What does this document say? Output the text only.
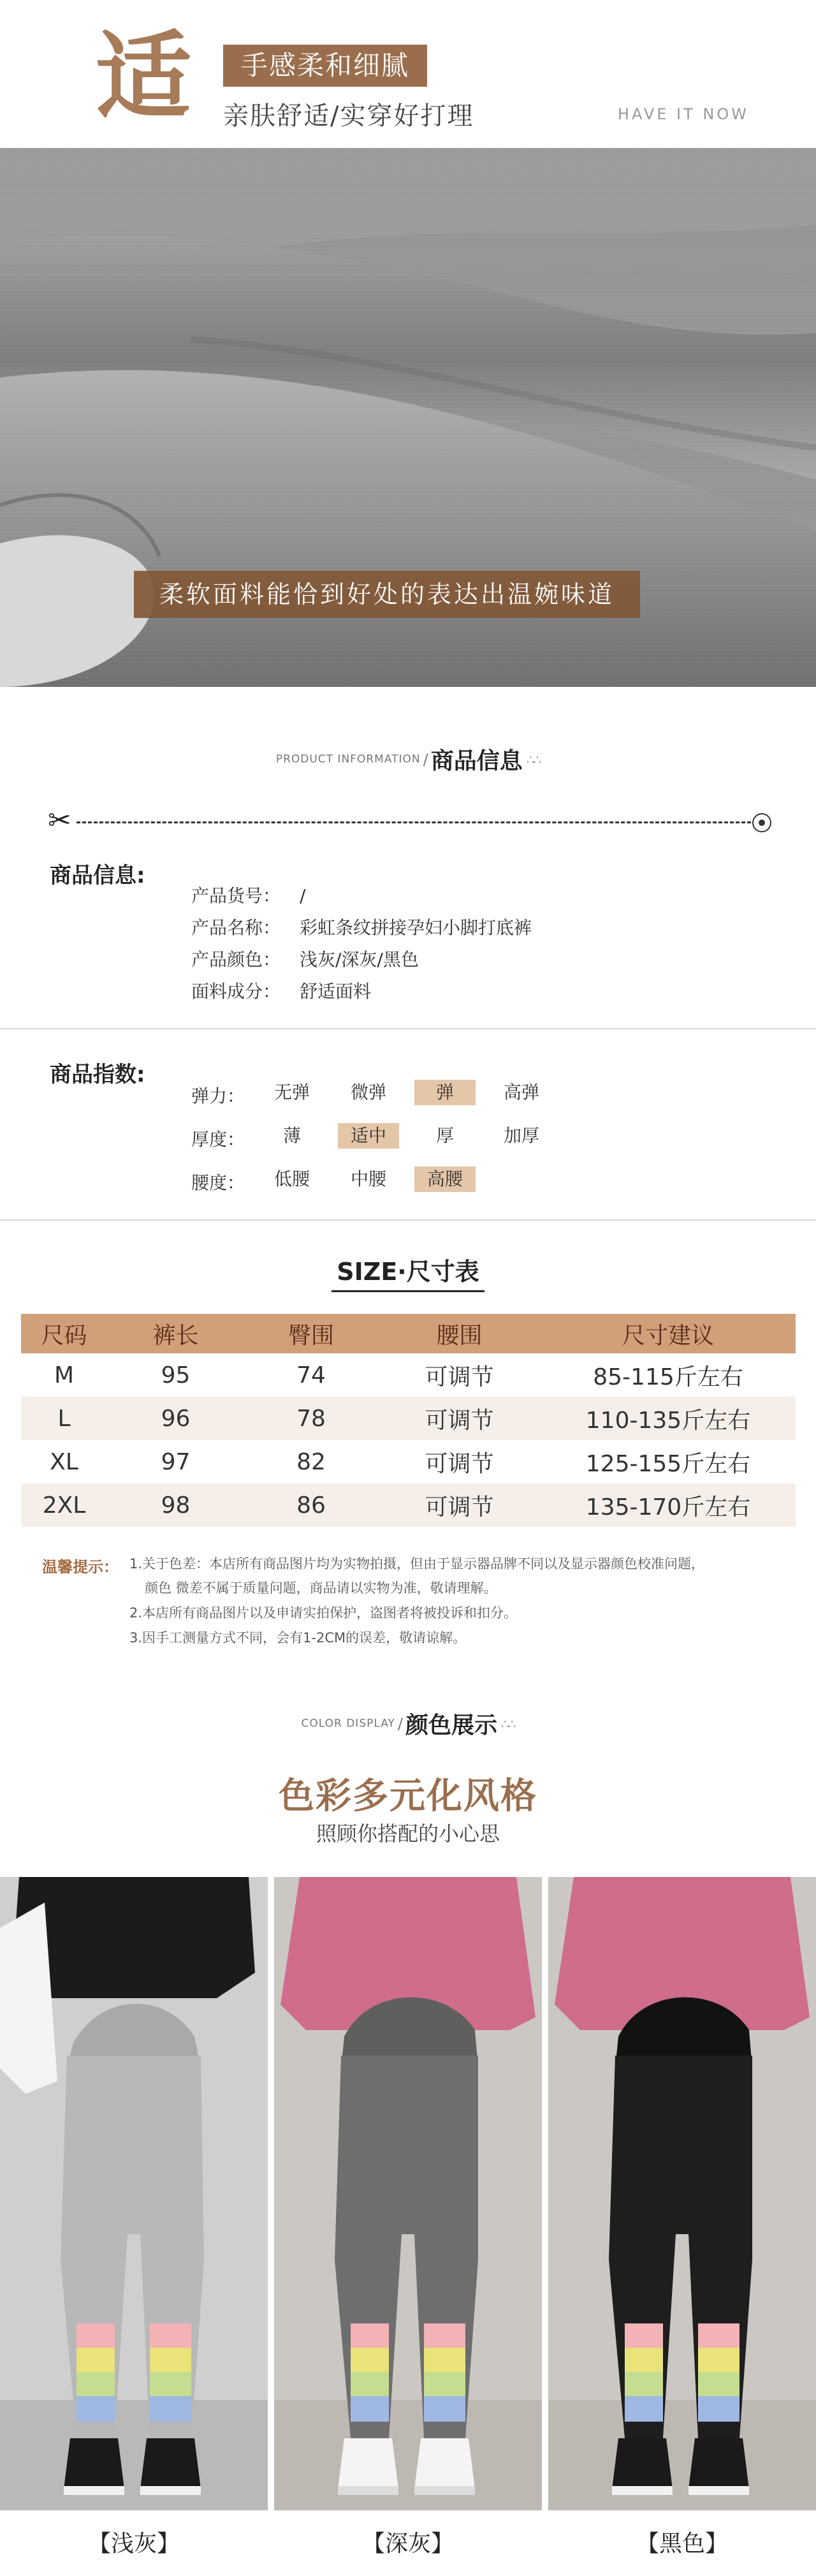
适	手感柔和细腻
亲肤舒适/实穿好打理	HAVE IT NOW
柔软面料能恰到好处的表达出温婉味道
PRODUCT INFORMATION / 商品信息 ∴∴
✂
商品信息:
产品货号： /
产品名称： 彩虹条纹拼接孕妇小脚打底裤
产品颜色： 浅灰/深灰/黑色
面料成分： 舒适面料
商品指数:
弹力：	无弹	微弹	弹	高弹
厚度：	薄	适中	厚	加厚
腰度：	低腰	中腰	高腰
SIZE·尺寸表
尺码	裤长	臀围	腰围	尺寸建议
M	95	74	可调节	85-115斤左右
L	96	78	可调节	110-135斤左右
XL	97	82	可调节	125-155斤左右
2XL	98	86	可调节	135-170斤左右
温馨提示： 1.关于色差：本店所有商品图片均为实物拍摄，但由于显示器品牌不同以及显示器颜色校准问题，
颜色 微差不属于质量问题，商品请以实物为准，敬请理解。
2.本店所有商品图片以及申请实拍保护，盗图者将被投诉和扣分。
3.因手工测量方式不同，会有1-2CM的误差，敬请谅解。
COLOR DISPLAY / 颜色展示 ∴∴
色彩多元化风格
照顾你搭配的小心思
【浅灰】	【深灰】	【黑色】
